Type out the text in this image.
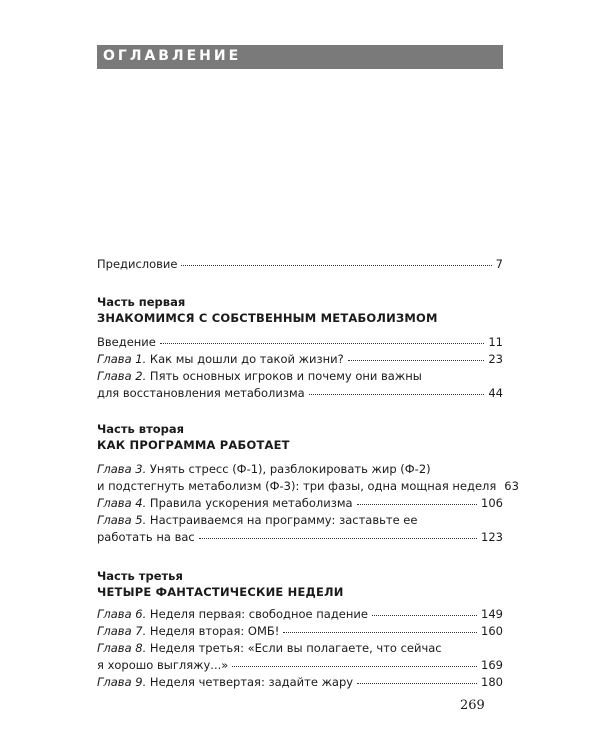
ОГЛАВЛЕНИЕ
Предисловие	7
Часть первая
ЗНАКОМИМСЯ С СОБСТВЕННЫМ МЕТАБОЛИЗМОМ
Введение	11
Глава 1. Как мы дошли до такой жизни?	23
Глава 2. Пять основных игроков и почему они важны
для восстановления метаболизма	44
Часть вторая
КАК ПРОГРАММА РАБОТАЕТ
Глава 3. Унять стресс (Ф-1), разблокировать жир (Ф-2)
и подстегнуть метаболизм (Ф-3): три фазы, одна мощная неделя 63
Глава 4. Правила ускорения метаболизма	106
Глава 5. Настраиваемся на программу: заставьте ее
работать на вас	123
Часть третья
ЧЕТЫРЕ ФАНТАСТИЧЕСКИЕ НЕДЕЛИ
Глава 6. Неделя первая: свободное падение	149
Глава 7. Неделя вторая: ОМБ!	160
Глава 8. Неделя третья: «Если вы полагаете, что сейчас
я хорошо выгляжу...»	169
Глава 9. Неделя четвертая: задайте жару	180
269
